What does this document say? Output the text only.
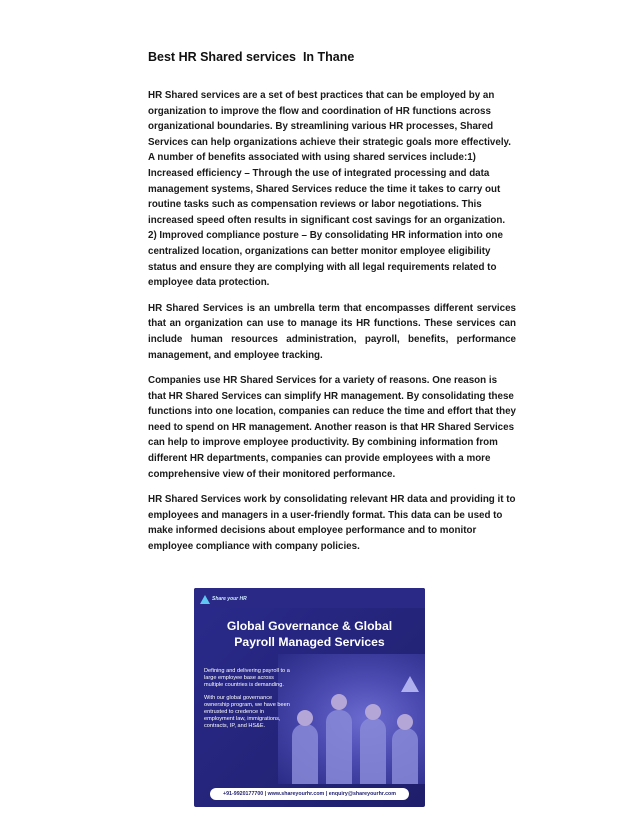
Best HR Shared services  In Thane

HR Shared services are a set of best practices that can be employed by an organization to improve the flow and coordination of HR functions across organizational boundaries. By streamlining various HR processes, Shared Services can help organizations achieve their strategic goals more effectively. A number of benefits associated with using shared services include:1) Increased efficiency – Through the use of integrated processing and data management systems, Shared Services reduce the time it takes to carry out routine tasks such as compensation reviews or labor negotiations. This increased speed often results in significant cost savings for an organization. 2) Improved compliance posture – By consolidating HR information into one centralized location, organizations can better monitor employee eligibility status and ensure they are complying with all legal requirements related to employee data protection.

HR Shared Services is an umbrella term that encompasses different services that an organization can use to manage its HR functions. These services can include human resources administration, payroll, benefits, performance management, and employee tracking.

Companies use HR Shared Services for a variety of reasons. One reason is that HR Shared Services can simplify HR management. By consolidating these functions into one location, companies can reduce the time and effort that they need to spend on HR management. Another reason is that HR Shared Services can help to improve employee productivity. By combining information from different HR departments, companies can provide employees with a more comprehensive view of their monitored performance.

HR Shared Services work by consolidating relevant HR data and providing it to employees and managers in a user-friendly format. This data can be used to make informed decisions about employee performance and to monitor employee compliance with company policies.

Share your HR
Global Governance & Global
Payroll Managed Services

Defining and delivering payroll to a large employee base across multiple countries is demanding.

With our global governance ownership program, we have been entrusted to credence in employment law, immigrations, contracts, IP, and HS&E.

+91-9920177700 | www.shareyourhr.com | enquiry@shareyourhr.com
